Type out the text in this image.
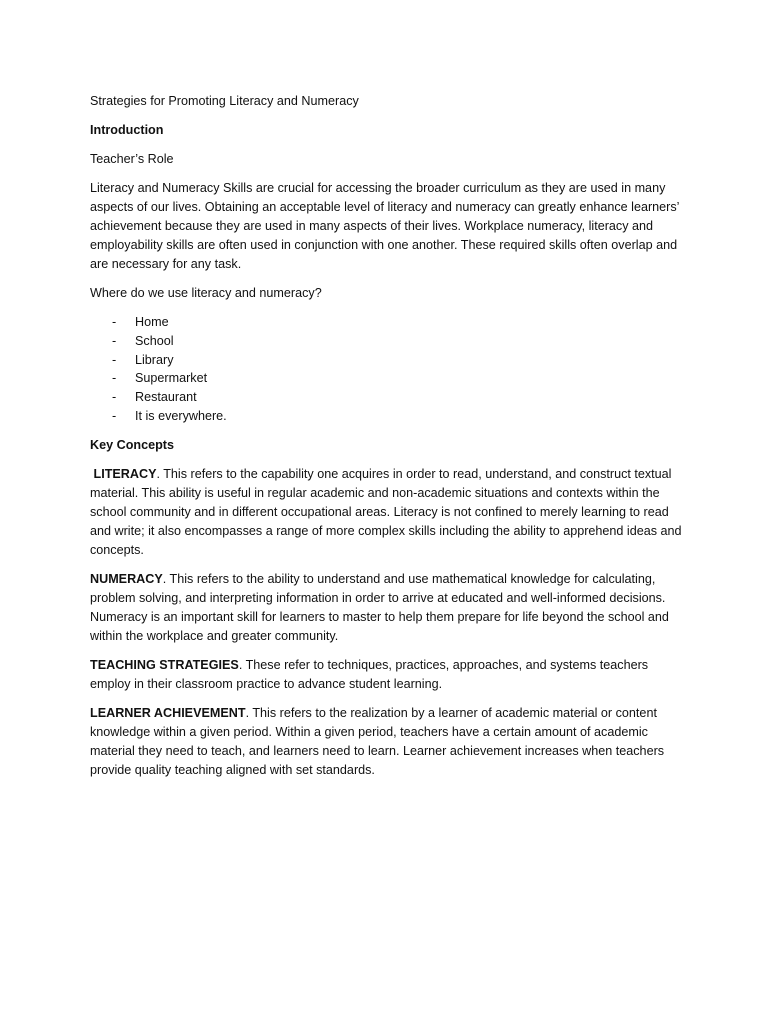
Strategies for Promoting Literacy and Numeracy

Introduction

Teacher’s Role

Literacy and Numeracy Skills are crucial for accessing the broader curriculum as they are used in many aspects of our lives. Obtaining an acceptable level of literacy and numeracy can greatly enhance learners’ achievement because they are used in many aspects of their lives. Workplace numeracy, literacy and employability skills are often used in conjunction with one another. These required skills often overlap and are necessary for any task.

Where do we use literacy and numeracy?

- Home
- School
- Library
- Supermarket
- Restaurant
- It is everywhere.

Key Concepts

LITERACY. This refers to the capability one acquires in order to read, understand, and construct textual material. This ability is useful in regular academic and non-academic situations and contexts within the school community and in different occupational areas. Literacy is not confined to merely learning to read and write; it also encompasses a range of more complex skills including the ability to apprehend ideas and concepts.

NUMERACY. This refers to the ability to understand and use mathematical knowledge for calculating, problem solving, and interpreting information in order to arrive at educated and well-informed decisions. Numeracy is an important skill for learners to master to help them prepare for life beyond the school and within the workplace and greater community.

TEACHING STRATEGIES. These refer to techniques, practices, approaches, and systems teachers employ in their classroom practice to advance student learning.

LEARNER ACHIEVEMENT. This refers to the realization by a learner of academic material or content knowledge within a given period. Within a given period, teachers have a certain amount of academic material they need to teach, and learners need to learn. Learner achievement increases when teachers provide quality teaching aligned with set standards.
